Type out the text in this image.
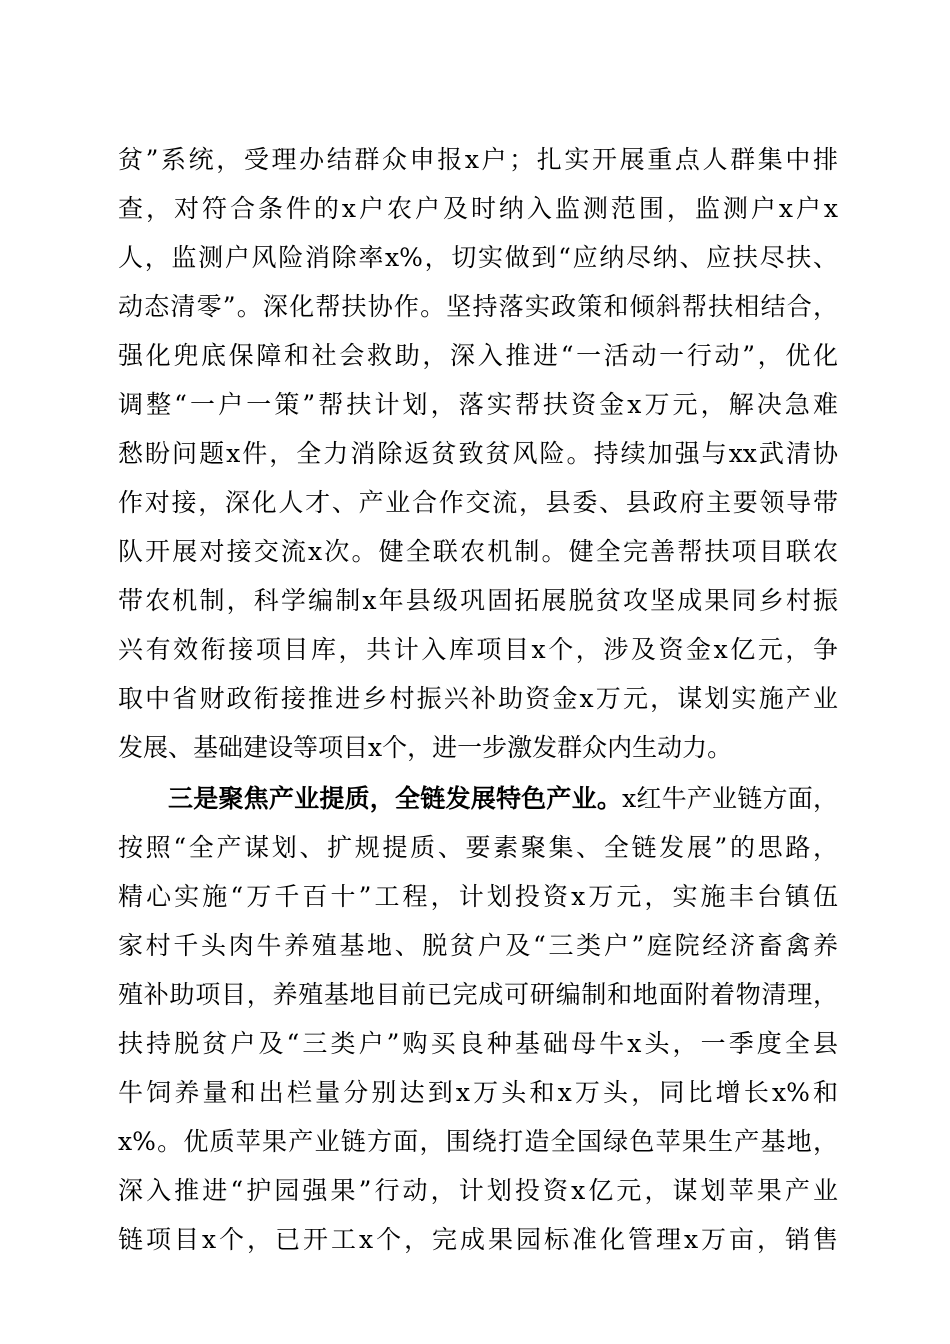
贫”系统，受理办结群众申报x户；扎实开展重点人群集中排
查，对符合条件的x户农户及时纳入监测范围，监测户x户x
人，监测户风险消除率x%，切实做到“应纳尽纳、应扶尽扶、
动态清零”。深化帮扶协作。坚持落实政策和倾斜帮扶相结合，
强化兜底保障和社会救助，深入推进“一活动一行动”，优化
调整“一户一策”帮扶计划，落实帮扶资金x万元，解决急难
愁盼问题x件，全力消除返贫致贫风险。持续加强与xx武清协
作对接，深化人才、产业合作交流，县委、县政府主要领导带
队开展对接交流x次。健全联农机制。健全完善帮扶项目联农
带农机制，科学编制x年县级巩固拓展脱贫攻坚成果同乡村振
兴有效衔接项目库，共计入库项目x个，涉及资金x亿元，争
取中省财政衔接推进乡村振兴补助资金x万元，谋划实施产业
发展、基础建设等项目x个，进一步激发群众内生动力。
三是聚焦产业提质，全链发展特色产业。x红牛产业链方面，
按照“全产谋划、扩规提质、要素聚集、全链发展”的思路，
精心实施“万千百十”工程，计划投资x万元，实施丰台镇伍
家村千头肉牛养殖基地、脱贫户及“三类户”庭院经济畜禽养
殖补助项目，养殖基地目前已完成可研编制和地面附着物清理，
扶持脱贫户及“三类户”购买良种基础母牛x头，一季度全县
牛饲养量和出栏量分别达到x万头和x万头，同比增长x%和
x%。优质苹果产业链方面，围绕打造全国绿色苹果生产基地，
深入推进“护园强果”行动，计划投资x亿元，谋划苹果产业
链项目x个，已开工x个，完成果园标准化管理x万亩，销售
